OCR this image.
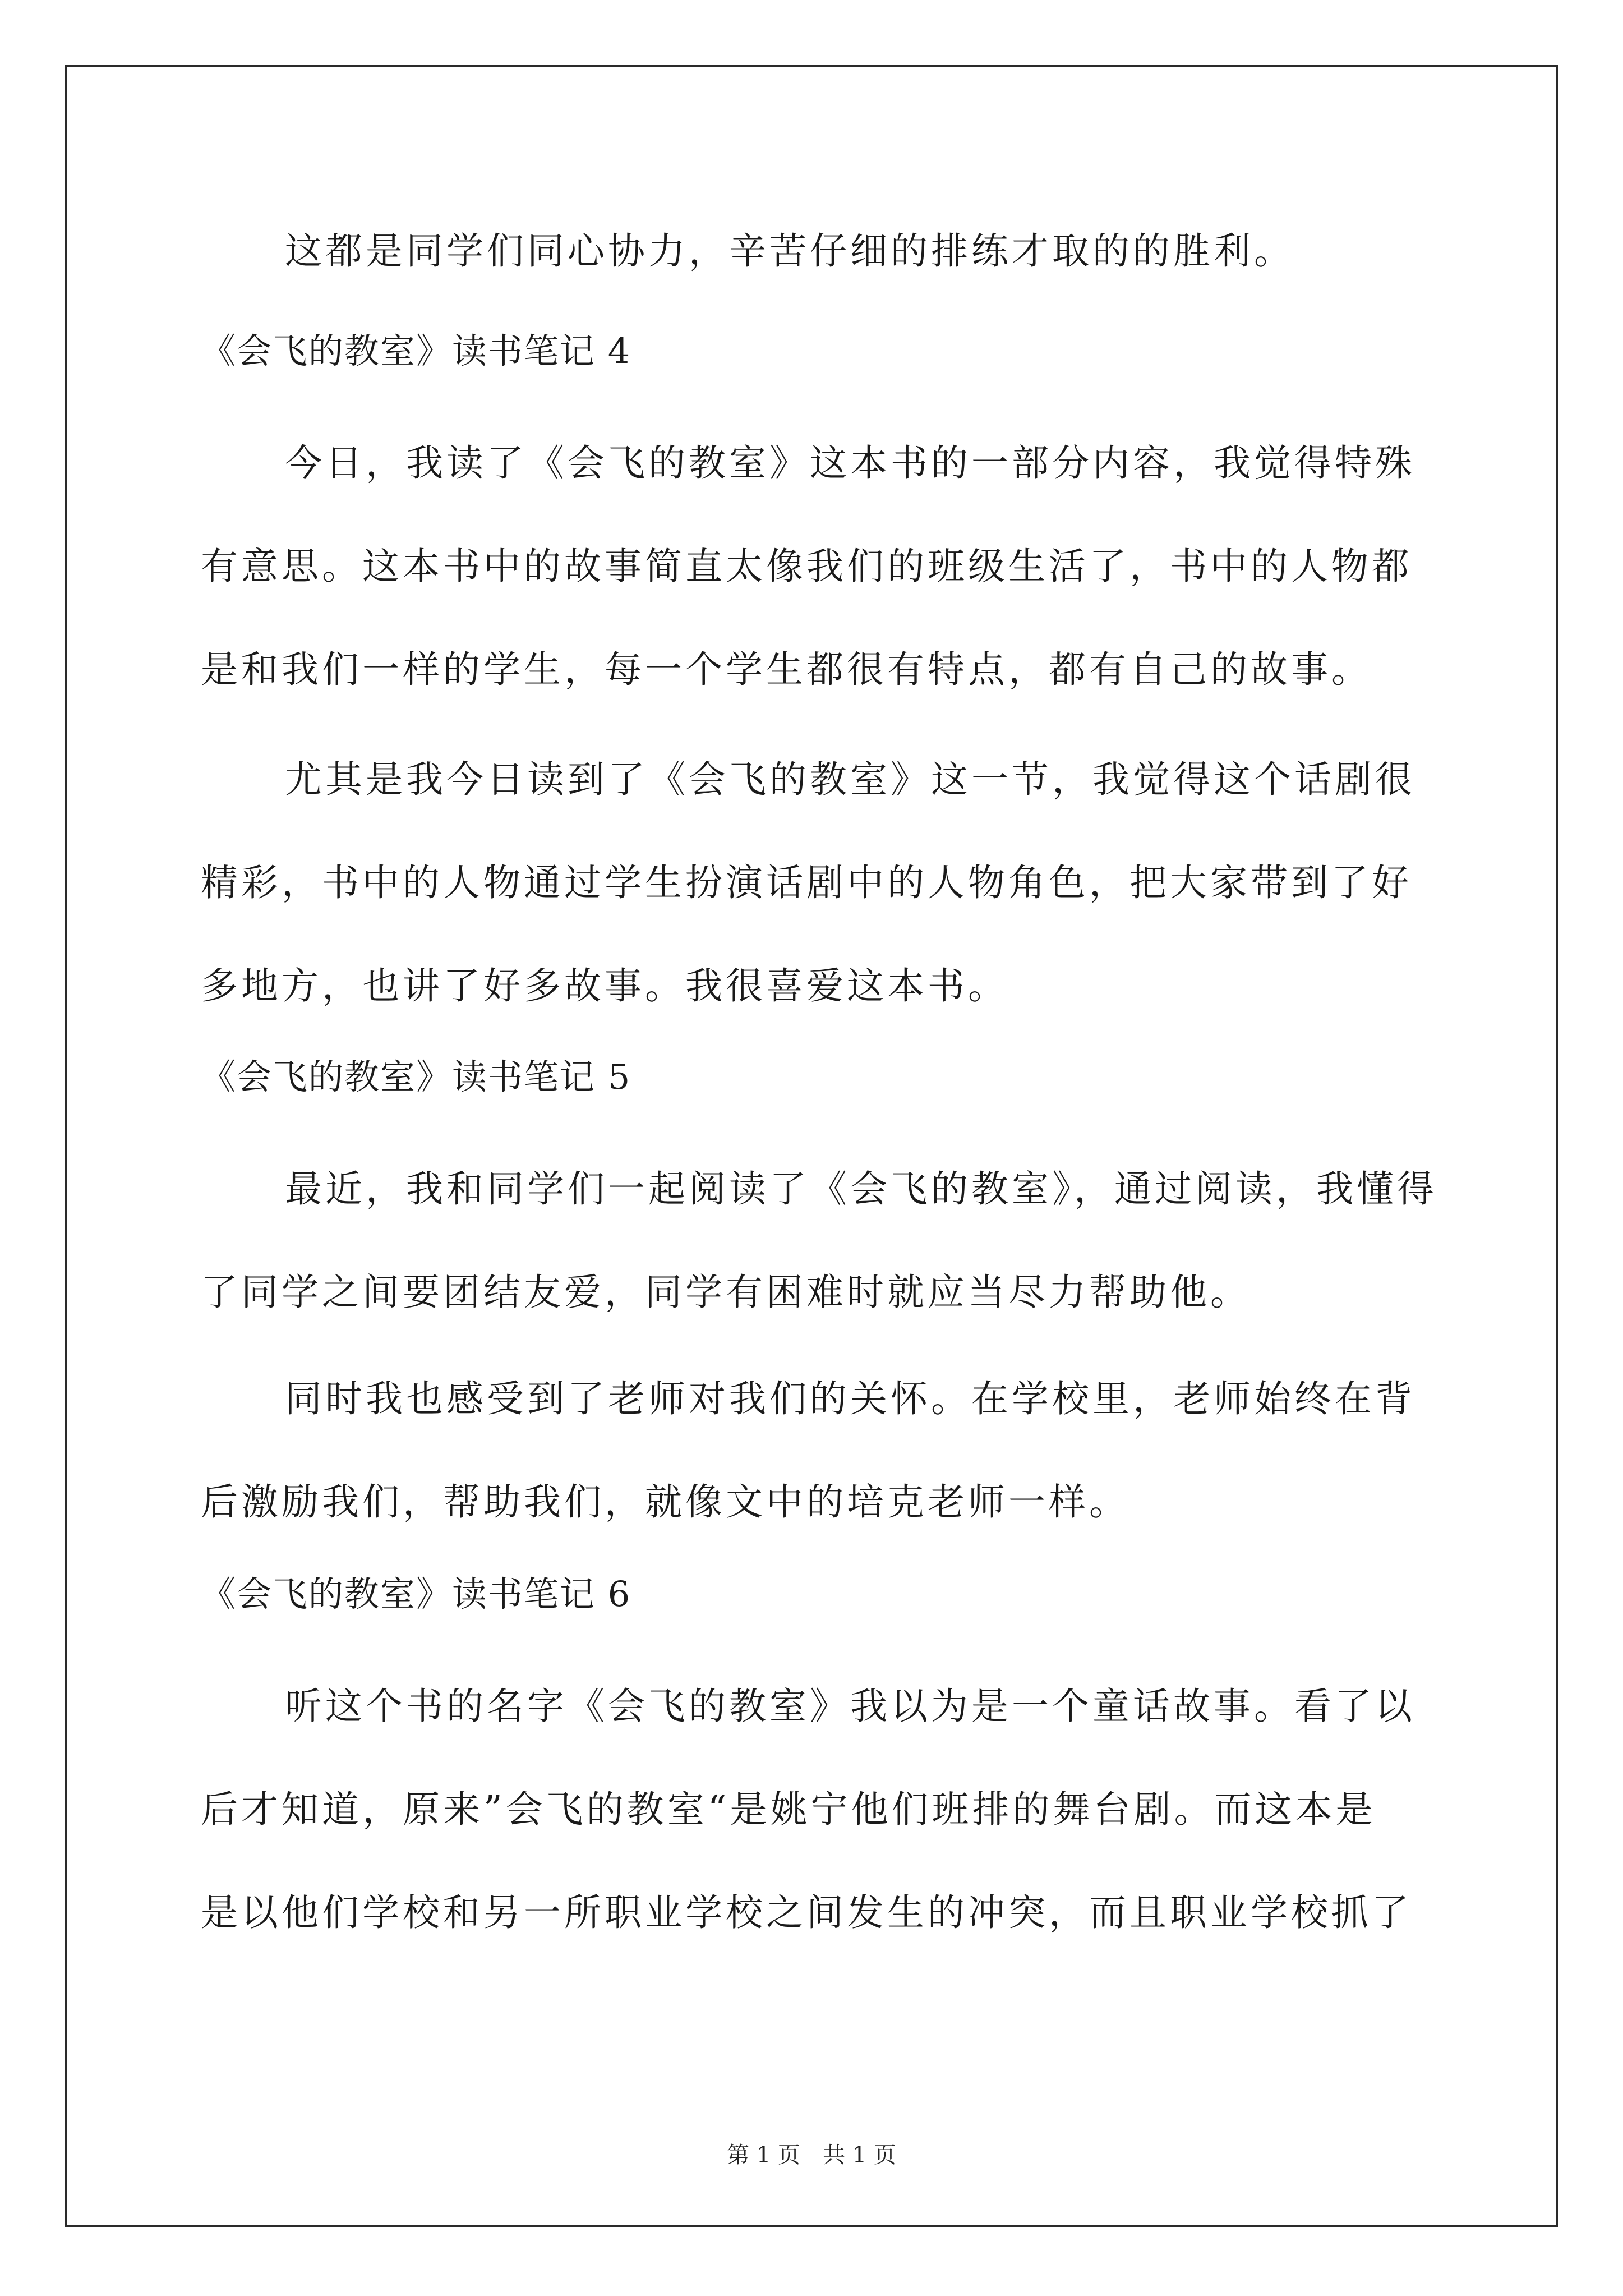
这都是同学们同心协力，辛苦仔细的排练才取的的胜利。
《会飞的教室》读书笔记 4
今日，我读了《会飞的教室》这本书的一部分内容，我觉得特殊
有意思。这本书中的故事简直太像我们的班级生活了，书中的人物都
是和我们一样的学生，每一个学生都很有特点，都有自己的故事。
尤其是我今日读到了《会飞的教室》这一节，我觉得这个话剧很
精彩，书中的人物通过学生扮演话剧中的人物角色，把大家带到了好
多地方，也讲了好多故事。我很喜爱这本书。
《会飞的教室》读书笔记 5
最近，我和同学们一起阅读了《会飞的教室》，通过阅读，我懂得
了同学之间要团结友爱，同学有困难时就应当尽力帮助他。
同时我也感受到了老师对我们的关怀。在学校里，老师始终在背
后激励我们，帮助我们，就像文中的培克老师一样。
《会飞的教室》读书笔记 6
听这个书的名字《会飞的教室》我以为是一个童话故事。看了以
后才知道，原来”会飞的教室“是姚宁他们班排的舞台剧。而这本是
是以他们学校和另一所职业学校之间发生的冲突，而且职业学校抓了
第 1 页　共 1 页
